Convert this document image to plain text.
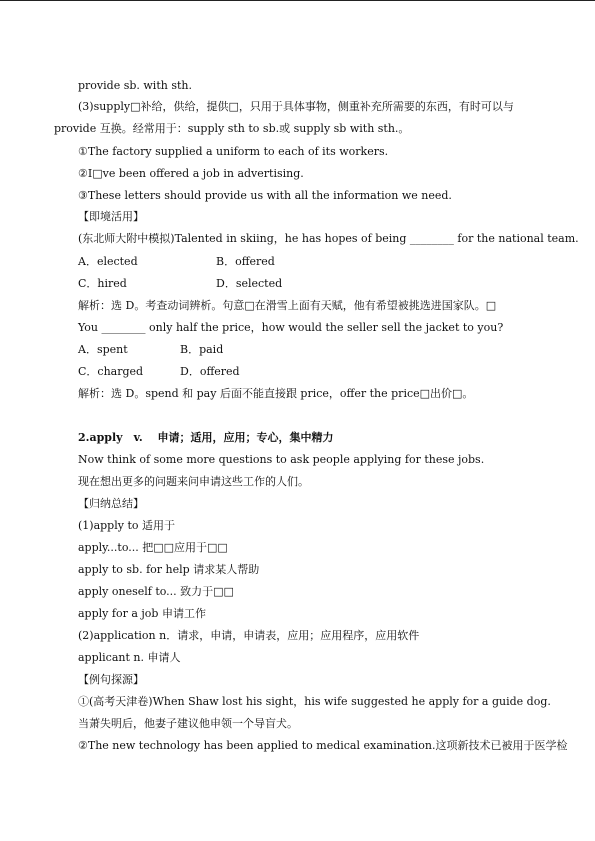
provide sb. with sth.
(3)supply□补给，供给，提供□，只用于具体事物，侧重补充所需要的东西，有时可以与
provide 互换。经常用于：supply sth to sb.或 supply sb with sth.。
①The factory supplied a uniform to each of its workers.
②I□ve been offered a job in advertising.
③These letters should provide us with all the information we need.
【即境活用】
(东北师大附中模拟)Talented in skiing，he has hopes of being ________ for the national team.
A．elected	B．offered
C．hired	D．selected
解析：选 D。考查动词辨析。句意□在滑雪上面有天赋，他有希望被挑选进国家队。□
You ________ only half the price，how would the seller sell the jacket to you?
A．spent	B．paid
C．charged	D．offered
解析：选 D。spend 和 pay 后面不能直接跟 price，offer the price□出价□。
2.apply　v.　 申请；适用，应用；专心，集中精力
Now think of some more questions to ask people applying for these jobs.
现在想出更多的问题来问申请这些工作的人们。
【归纳总结】
(1)apply to 适用于
apply...to... 把□□应用于□□
apply to sb. for help 请求某人帮助
apply oneself to... 致力于□□
apply for a job 申请工作
(2)application n．请求，申请，申请表，应用；应用程序，应用软件
applicant n. 申请人
【例句探源】
①(高考天津卷)When Shaw lost his sight，his wife suggested he apply for a guide dog.
当萧失明后，他妻子建议他申领一个导盲犬。
②The new technology has been applied to medical examination.这项新技术已被用于医学检
